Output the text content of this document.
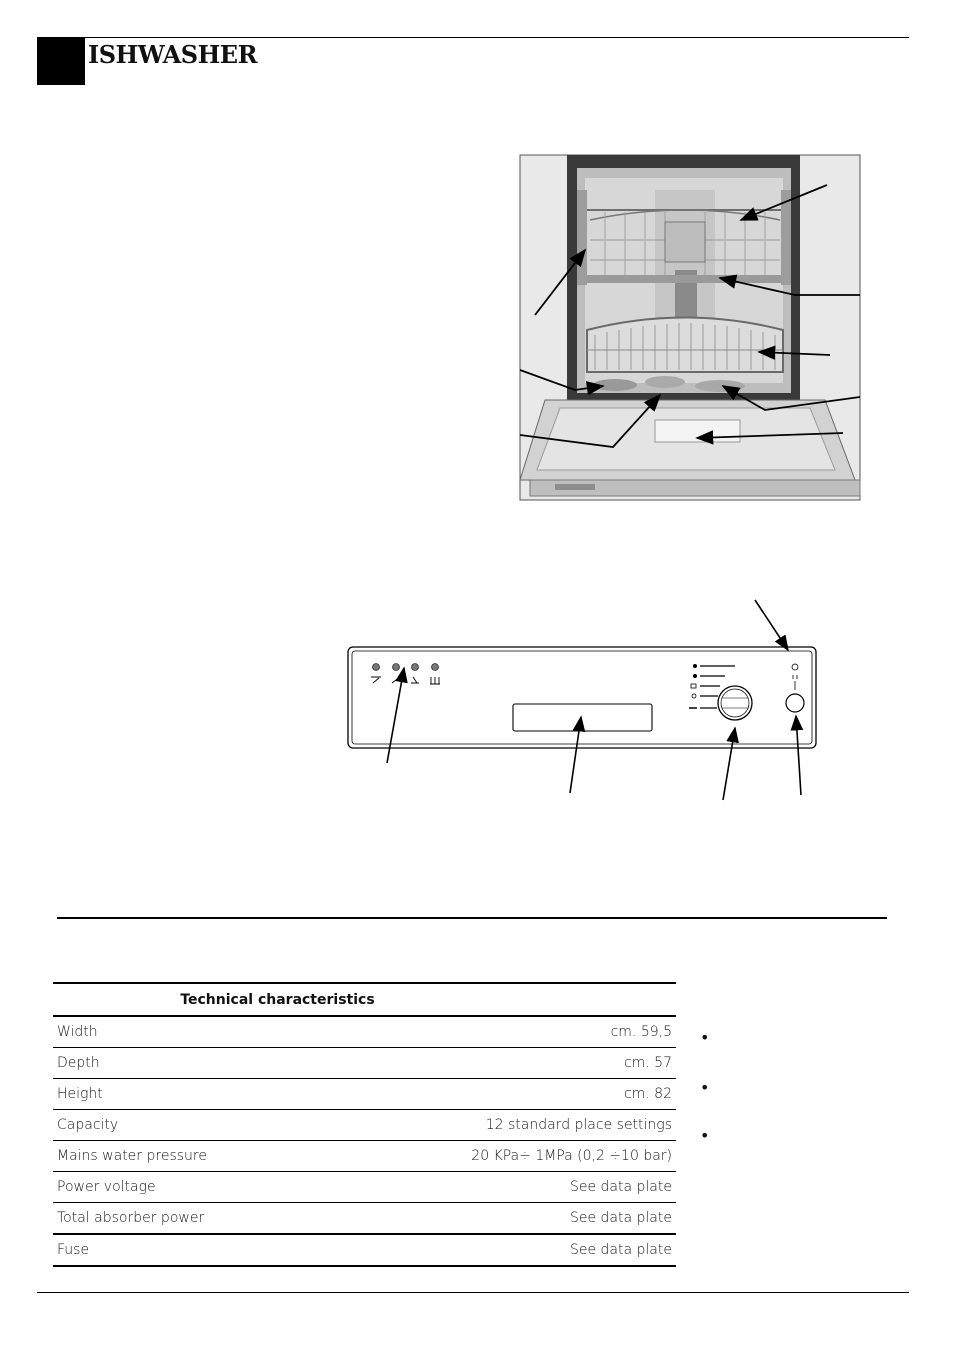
ISHWASHER
Technical characteristics	
Width	cm. 59,5
Depth	cm. 57
Height	cm. 82
Capacity	12 standard place settings
Mains water pressure	20 KPa÷ 1MPa (0,2 ÷10 bar)
Power voltage	See data plate
Total absorber power	See data plate
Fuse	See data plate
•
•
•
